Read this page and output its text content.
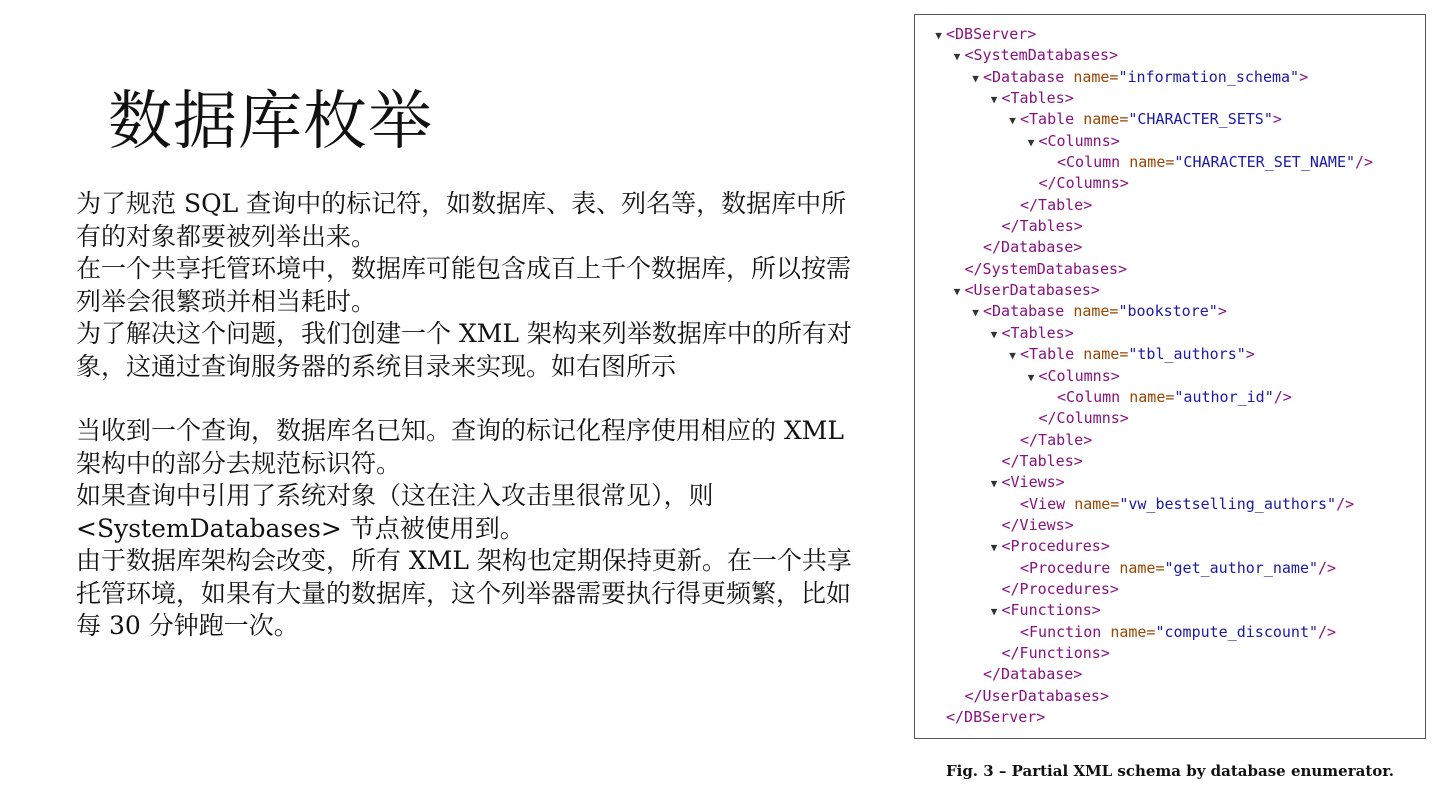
数据库枚举

为了规范 SQL 查询中的标记符，如数据库、表、列名等，数据库中所有的对象都要被列举出来。

在一个共享托管环境中，数据库可能包含成百上千个数据库，所以按需列举会很繁琐并相当耗时。

为了解决这个问题，我们创建一个 XML 架构来列举数据库中的所有对象，这通过查询服务器的系统目录来实现。如右图所示

当收到一个查询，数据库名已知。查询的标记化程序使用相应的 XML 架构中的部分去规范标识符。

如果查询中引用了系统对象（这在注入攻击里很常见），则 <SystemDatabases> 节点被使用到。

由于数据库架构会改变，所有 XML 架构也定期保持更新。在一个共享托管环境，如果有大量的数据库，这个列举器需要执行得更频繁，比如每 30 分钟跑一次。

▼ <DBServer>
▼ <SystemDatabases>
▼ <Database name="information_schema">
▼ <Tables>
▼ <Table name="CHARACTER_SETS">
▼ <Columns>
<Column name="CHARACTER_SET_NAME"/>
</Columns>
</Table>
</Tables>
</Database>
</SystemDatabases>
▼ <UserDatabases>
▼ <Database name="bookstore">
▼ <Tables>
▼ <Table name="tbl_authors">
▼ <Columns>
<Column name="author_id"/>
</Columns>
</Table>
</Tables>
▼ <Views>
<View name="vw_bestselling_authors"/>
</Views>
▼ <Procedures>
<Procedure name="get_author_name"/>
</Procedures>
▼ <Functions>
<Function name="compute_discount"/>
</Functions>
</Database>
</UserDatabases>
</DBServer>
Fig. 3 – Partial XML schema by database enumerator.
